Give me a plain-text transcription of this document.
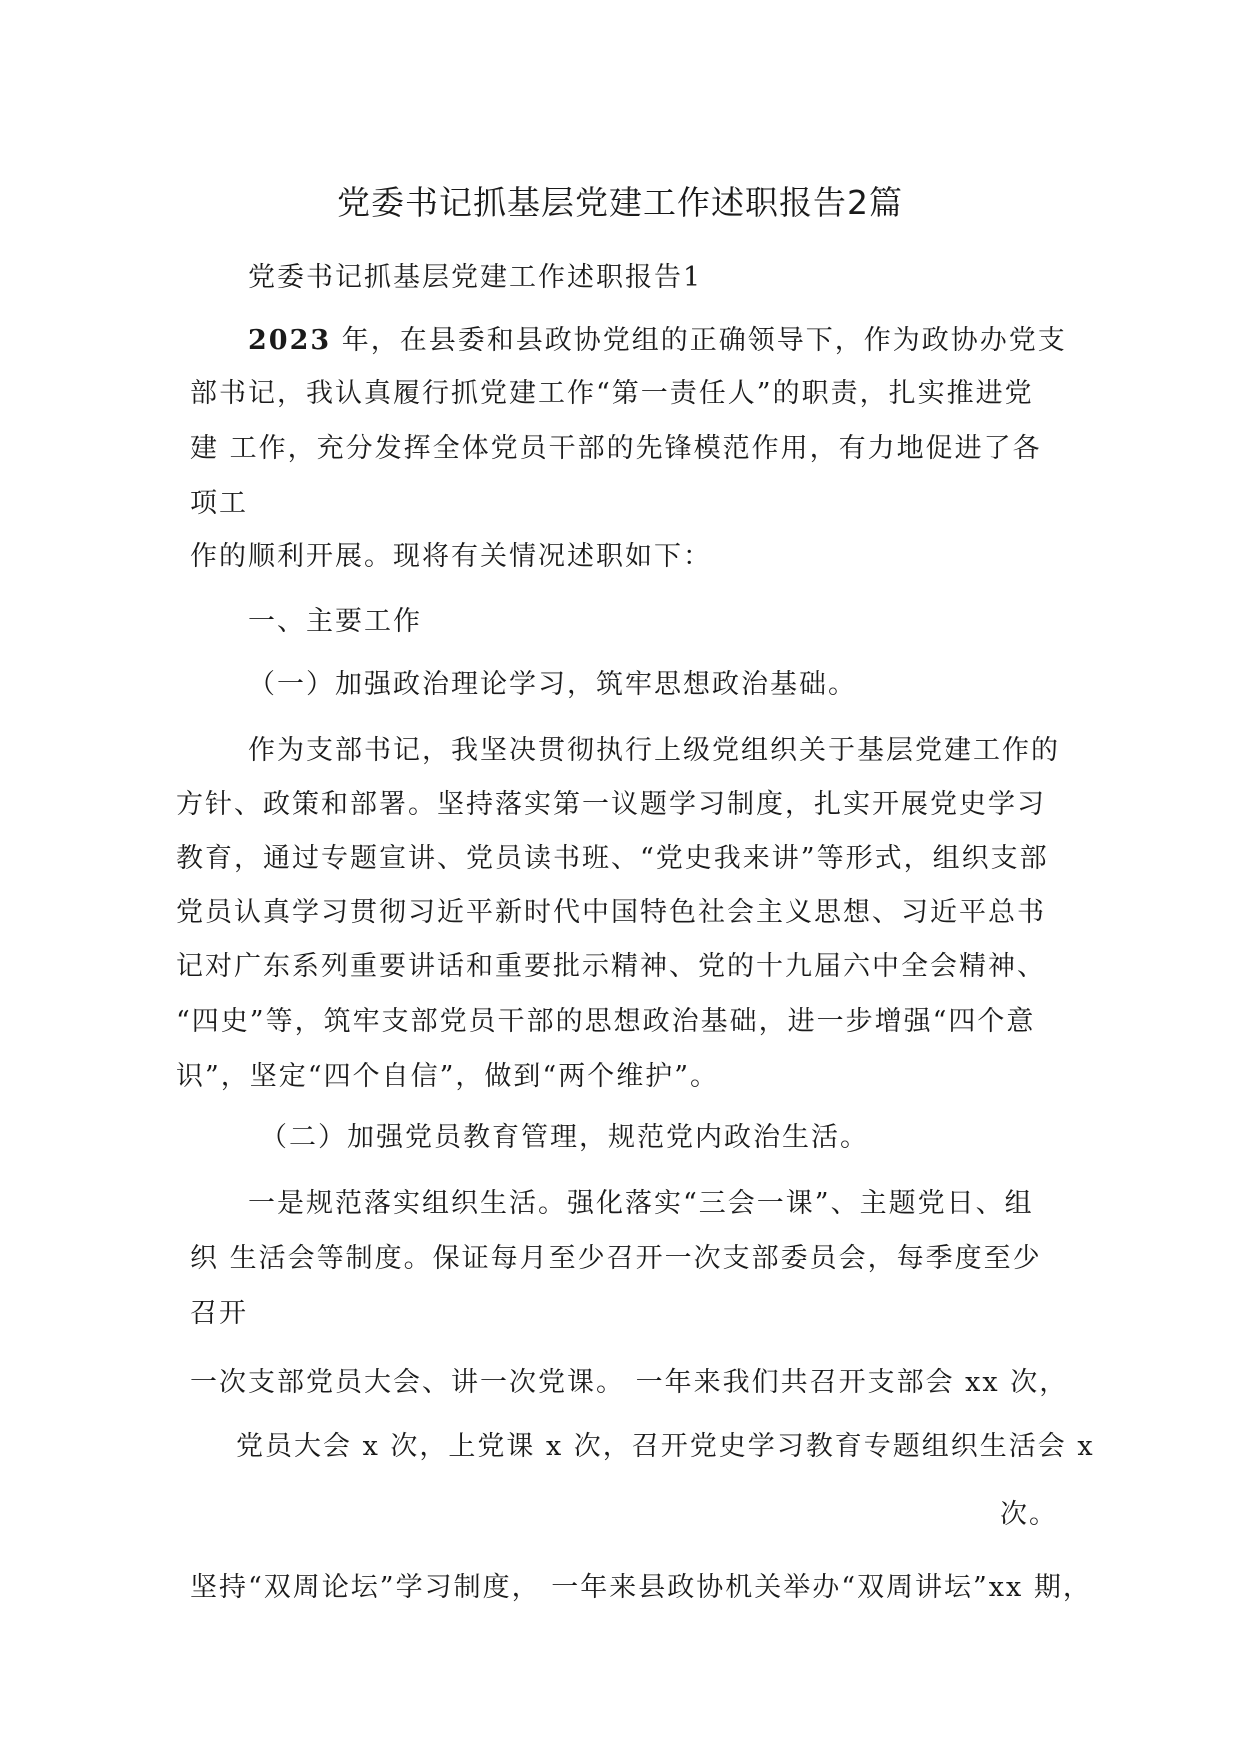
党委书记抓基层党建工作述职报告2篇
党委书记抓基层党建工作述职报告1
2023 年，在县委和县政协党组的正确领导下，作为政协办党支
部书记，我认真履行抓党建工作“第一责任人”的职责，扎实推进党
建 工作，充分发挥全体党员干部的先锋模范作用，有力地促进了各
项工
作的顺利开展。现将有关情况述职如下：
一、主要工作
（一）加强政治理论学习，筑牢思想政治基础。
作为支部书记，我坚决贯彻执行上级党组织关于基层党建工作的
方针、政策和部署。坚持落实第一议题学习制度，扎实开展党史学习
教育，通过专题宣讲、党员读书班、“党史我来讲”等形式，组织支部
党员认真学习贯彻习近平新时代中国特色社会主义思想、习近平总书
记对广东系列重要讲话和重要批示精神、党的十九届六中全会精神、
“四史”等，筑牢支部党员干部的思想政治基础，进一步增强“四个意
识”，坚定“四个自信”，做到“两个维护”。
（二）加强党员教育管理，规范党内政治生活。
一是规范落实组织生活。强化落实“三会一课”、主题党日、组
织 生活会等制度。保证每月至少召开一次支部委员会，每季度至少
召开
一次支部党员大会、讲一次党课。 一年来我们共召开支部会 xx 次，
党员大会 x 次，上党课 x 次，召开党史学习教育专题组织生活会 x
次。
坚持“双周论坛”学习制度， 一年来县政协机关举办“双周讲坛”xx 期，
